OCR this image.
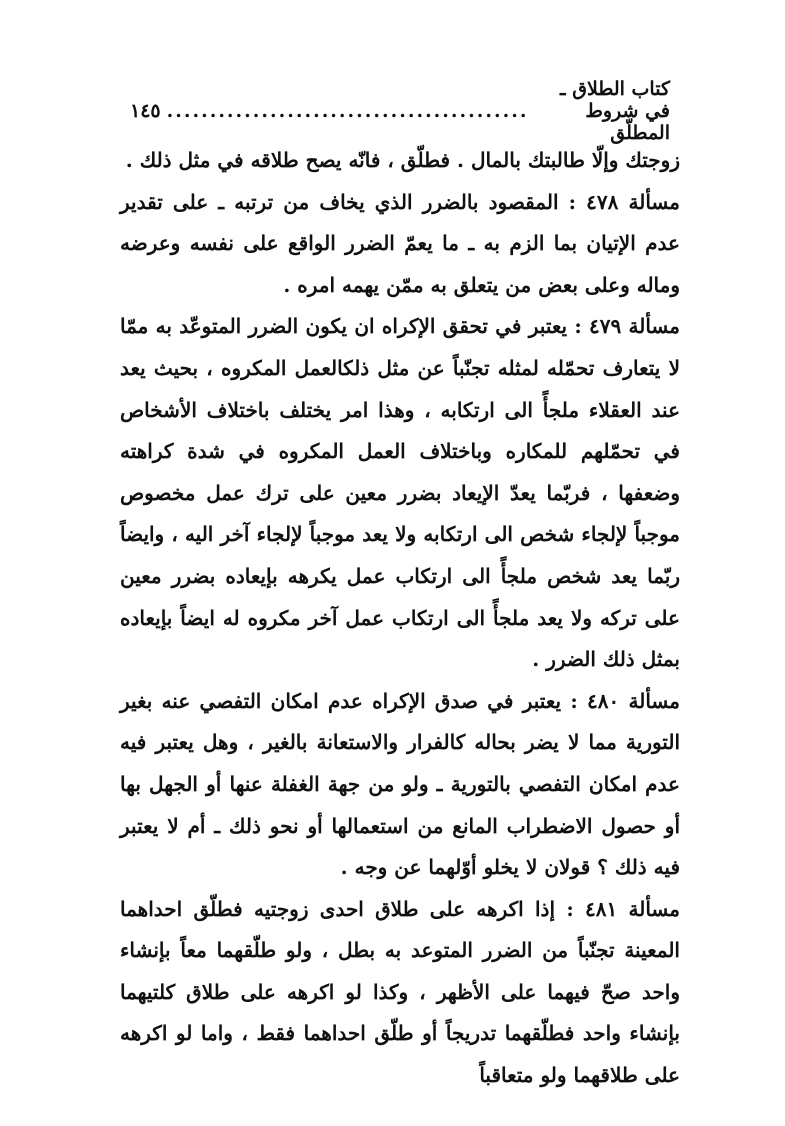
كتاب الطلاق ـ في شروط المطلّق
..........................................
١٤٥

زوجتك وإلّا طالبتك بالمال . فطلّق ، فانّه يصح طلاقه في مثل ذلك .

مسألة ٤٧٨ : المقصود بالضرر الذي يخاف من ترتبه ـ على تقدير عدم الإتيان بما الزم به ـ ما يعمّ الضرر الواقع على نفسه وعرضه وماله وعلى بعض من يتعلق به ممّن يهمه امره .

مسألة ٤٧٩ : يعتبر في تحقق الإكراه ان يكون الضرر المتوعّد به ممّا لا يتعارف تحمّله لمثله تجنّباً عن مثل ذلكالعمل المكروه ، بحيث يعد عند العقلاء ملجأً الى ارتكابه ، وهذا امر يختلف باختلاف الأشخاص في تحمّلهم للمكاره وباختلاف العمل المكروه في شدة كراهته وضعفها ، فربّما يعدّ الإيعاد بضرر معين على ترك عمل مخصوص موجباً لإلجاء شخص الى ارتكابه ولا يعد موجباً لإلجاء آخر اليه ، وايضاً ربّما يعد شخص ملجأً الى ارتكاب عمل يكرهه بإيعاده بضرر معين على تركه ولا يعد ملجأً الى ارتكاب عمل آخر مكروه له ايضاً بإيعاده بمثل ذلك الضرر .

مسألة ٤٨٠ : يعتبر في صدق الإكراه عدم امكان التفصي عنه بغير التورية مما لا يضر بحاله كالفرار والاستعانة بالغير ، وهل يعتبر فيه عدم امكان التفصي بالتورية ـ ولو من جهة الغفلة عنها أو الجهل بها أو حصول الاضطراب المانع من استعمالها أو نحو ذلك ـ أم لا يعتبر فيه ذلك ؟ قولان لا يخلو أوّلهما عن وجه .

مسألة ٤٨١ : إذا اكرهه على طلاق احدى زوجتيه فطلّق احداهما المعينة تجنّباً من الضرر المتوعد به بطل ، ولو طلّقهما معاً بإنشاء واحد صحّ فيهما على الأظهر ، وكذا لو اكرهه على طلاق كلتيهما بإنشاء واحد فطلّقهما تدريجاً أو طلّق احداهما فقط ، واما لو اكرهه على طلاقهما ولو متعاقباً
